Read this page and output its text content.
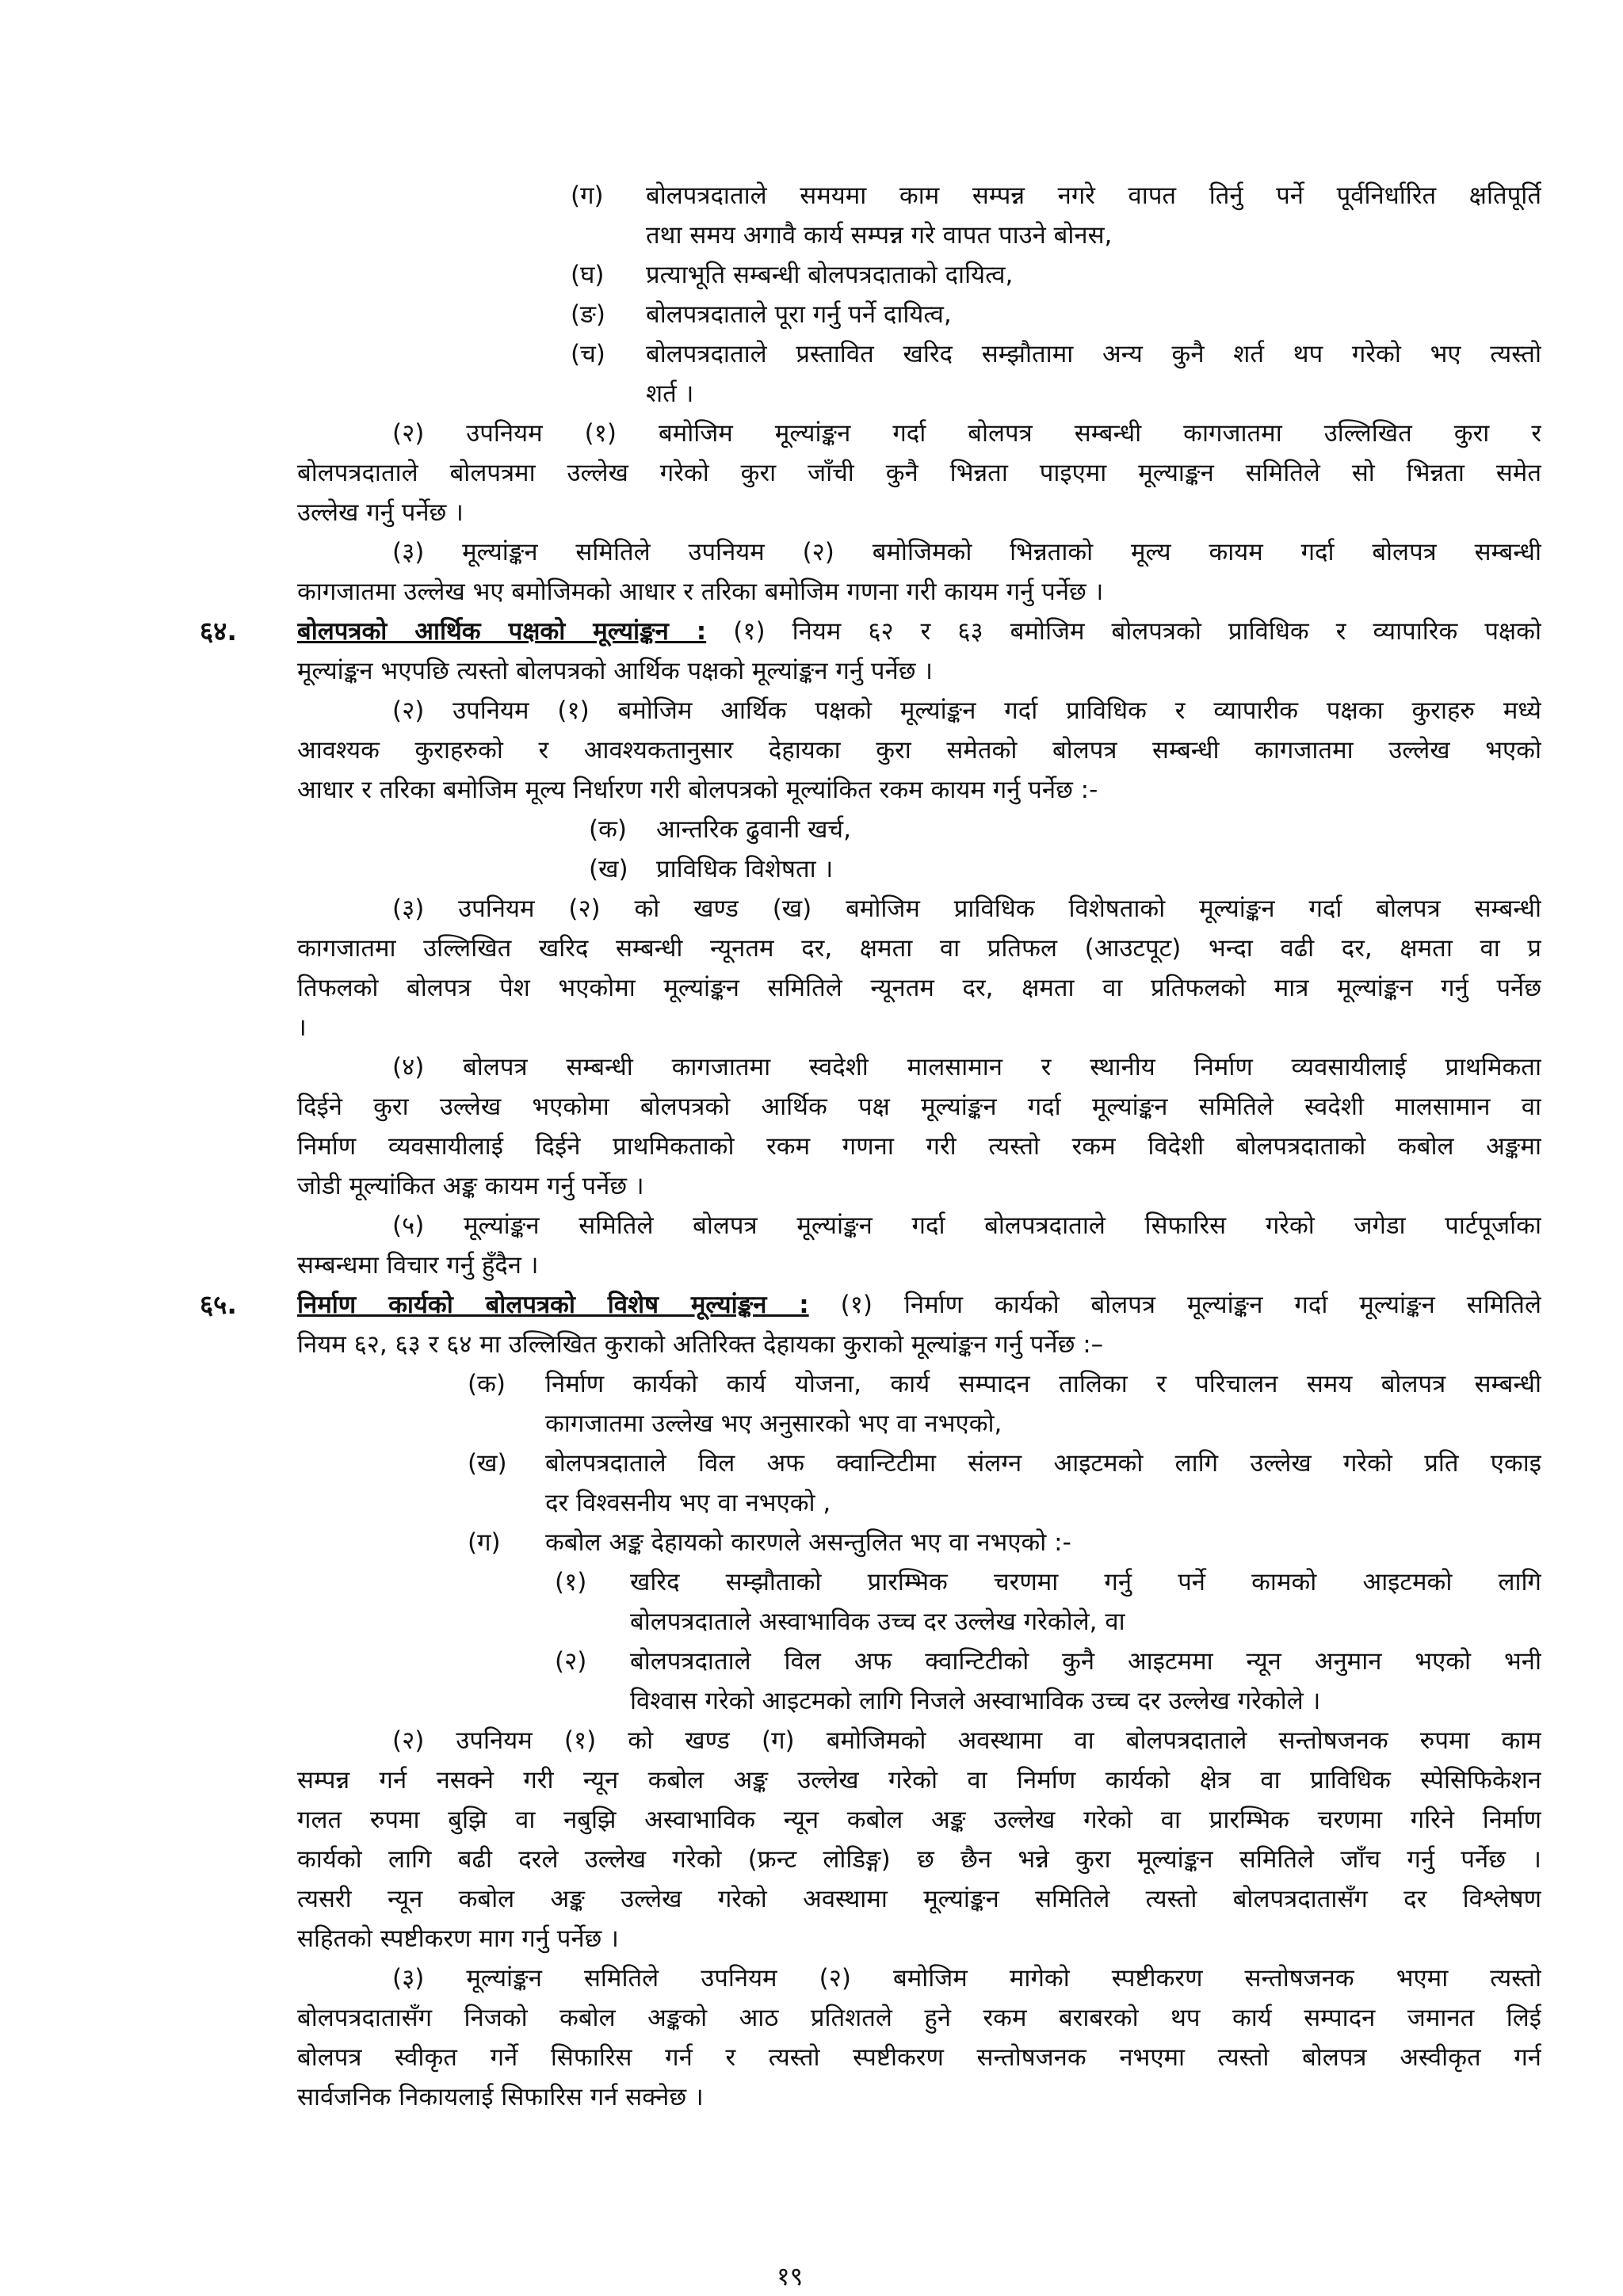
(ग) बोलपत्रदाताले समयमा काम सम्पन्न नगरे वापत तिर्नु पर्ने पूर्वनिर्धारित क्षतिपूर्ति
तथा समय अगावै कार्य सम्पन्न गरे वापत पाउने बोनस,
(घ) प्रत्याभूति सम्बन्धी बोलपत्रदाताको दायित्व,
(ङ) बोलपत्रदाताले पूरा गर्नु पर्ने दायित्व,
(च) बोलपत्रदाताले प्रस्तावित खरिद सम्झौतामा अन्य कुनै शर्त थप गरेको भए त्यस्तो
शर्त ।
(२) उपनियम (१) बमोजिम मूल्यांङ्कन गर्दा बोलपत्र सम्बन्धी कागजातमा उल्लिखित कुरा र
बोलपत्रदाताले बोलपत्रमा उल्लेख गरेको कुरा जाँची कुनै भिन्नता पाइएमा मूल्याङ्कन समितिले सो भिन्नता समेत
उल्लेख गर्नु पर्नेछ ।
(३) मूल्यांङ्कन समितिले उपनियम (२) बमोजिमको भिन्नताको मूल्य कायम गर्दा बोलपत्र सम्बन्धी
कागजातमा उल्लेख भए बमोजिमको आधार र तरिका बमोजिम गणना गरी कायम गर्नु पर्नेछ ।
६४. बोलपत्रको आर्थिक पक्षको मूल्यांङ्कन : (१) नियम ६२ र ६३ बमोजिम बोलपत्रको प्राविधिक र व्यापारिक पक्षको
मूल्यांङ्कन भएपछि त्यस्तो बोलपत्रको आर्थिक पक्षको मूल्यांङ्कन गर्नु पर्नेछ ।
(२) उपनियम (१) बमोजिम आर्थिक पक्षको मूल्यांङ्कन गर्दा प्राविधिक र व्यापारीक पक्षका कुराहरु मध्ये
आवश्यक कुराहरुको र आवश्यकतानुसार देहायका कुरा समेतको बोलपत्र सम्बन्धी कागजातमा उल्लेख भएको
आधार र तरिका बमोजिम मूल्य निर्धारण गरी बोलपत्रको मूल्यांकित रकम कायम गर्नु पर्नेछ :-
(क) आन्तरिक ढुवानी खर्च,
(ख) प्राविधिक विशेषता ।
(३) उपनियम (२) को खण्ड (ख) बमोजिम प्राविधिक विशेषताको मूल्यांङ्कन गर्दा बोलपत्र सम्बन्धी
कागजातमा उल्लिखित खरिद सम्बन्धी न्यूनतम दर, क्षमता वा प्रतिफल (आउटपूट) भन्दा वढी दर, क्षमता वा प्र
तिफलको बोलपत्र पेश भएकोमा मूल्यांङ्कन समितिले न्यूनतम दर, क्षमता वा प्रतिफलको मात्र मूल्यांङ्कन गर्नु पर्नेछ
।
(४) बोलपत्र सम्बन्धी कागजातमा स्वदेशी मालसामान र स्थानीय निर्माण व्यवसायीलाई प्राथमिकता
दिईने कुरा उल्लेख भएकोमा बोलपत्रको आर्थिक पक्ष मूल्यांङ्कन गर्दा मूल्यांङ्कन समितिले स्वदेशी मालसामान वा
निर्माण व्यवसायीलाई दिईने प्राथमिकताको रकम गणना गरी त्यस्तो रकम विदेशी बोलपत्रदाताको कबोल अङ्कमा
जोडी मूल्यांकित अङ्क कायम गर्नु पर्नेछ ।
(५) मूल्यांङ्कन समितिले बोलपत्र मूल्यांङ्कन गर्दा बोलपत्रदाताले सिफारिस गरेको जगेडा पार्टपूर्जाका
सम्बन्धमा विचार गर्नु हुँदैन ।
६५. निर्माण कार्यको बोलपत्रको विशेष मूल्यांङ्कन : (१) निर्माण कार्यको बोलपत्र मूल्यांङ्कन गर्दा मूल्यांङ्कन समितिले
नियम ६२, ६३ र ६४ मा उल्लिखित कुराको अतिरिक्त देहायका कुराको मूल्यांङ्कन गर्नु पर्नेछ :–
(क) निर्माण कार्यको कार्य योजना, कार्य सम्पादन तालिका र परिचालन समय बोलपत्र सम्बन्धी
कागजातमा उल्लेख भए अनुसारको भए वा नभएको,
(ख) बोलपत्रदाताले विल अफ क्वान्टिटीमा संलग्न आइटमको लागि उल्लेख गरेको प्रति एकाइ
दर विश्वसनीय भए वा नभएको ,
(ग) कबोल अङ्क देहायको कारणले असन्तुलित भए वा नभएको :-
(१) खरिद सम्झौताको प्रारम्भिक चरणमा गर्नु पर्ने कामको आइटमको लागि
बोलपत्रदाताले अस्वाभाविक उच्च दर उल्लेख गरेकोले, वा
(२) बोलपत्रदाताले विल अफ क्वान्टिटीको कुनै आइटममा न्यून अनुमान भएको भनी
विश्वास गरेको आइटमको लागि निजले अस्वाभाविक उच्च दर उल्लेख गरेकोले ।
(२) उपनियम (१) को खण्ड (ग) बमोजिमको अवस्थामा वा बोलपत्रदाताले सन्तोषजनक रुपमा काम
सम्पन्न गर्न नसक्ने गरी न्यून कबोल अङ्क उल्लेख गरेको वा निर्माण कार्यको क्षेत्र वा प्राविधिक स्पेसिफिकेशन
गलत रुपमा बुझि वा नबुझि अस्वाभाविक न्यून कबोल अङ्क उल्लेख गरेको वा प्रारम्भिक चरणमा गरिने निर्माण
कार्यको लागि बढी दरले उल्लेख गरेको (फ्रन्ट लोडिङ्ग) छ छैन भन्ने कुरा मूल्यांङ्कन समितिले जाँच गर्नु पर्नेछ ।
त्यसरी न्यून कबोल अङ्क उल्लेख गरेको अवस्थामा मूल्यांङ्कन समितिले त्यस्तो बोलपत्रदातासँग दर विश्लेषण
सहितको स्पष्टीकरण माग गर्नु पर्नेछ ।
(३) मूल्यांङ्कन समितिले उपनियम (२) बमोजिम मागेको स्पष्टीकरण सन्तोषजनक भएमा त्यस्तो
बोलपत्रदातासँग निजको कबोल अङ्कको आठ प्रतिशतले हुने रकम बराबरको थप कार्य सम्पादन जमानत लिई
बोलपत्र स्वीकृत गर्ने सिफारिस गर्न र त्यस्तो स्पष्टीकरण सन्तोषजनक नभएमा त्यस्तो बोलपत्र अस्वीकृत गर्न
सार्वजनिक निकायलाई सिफारिस गर्न सक्नेछ ।
१९
